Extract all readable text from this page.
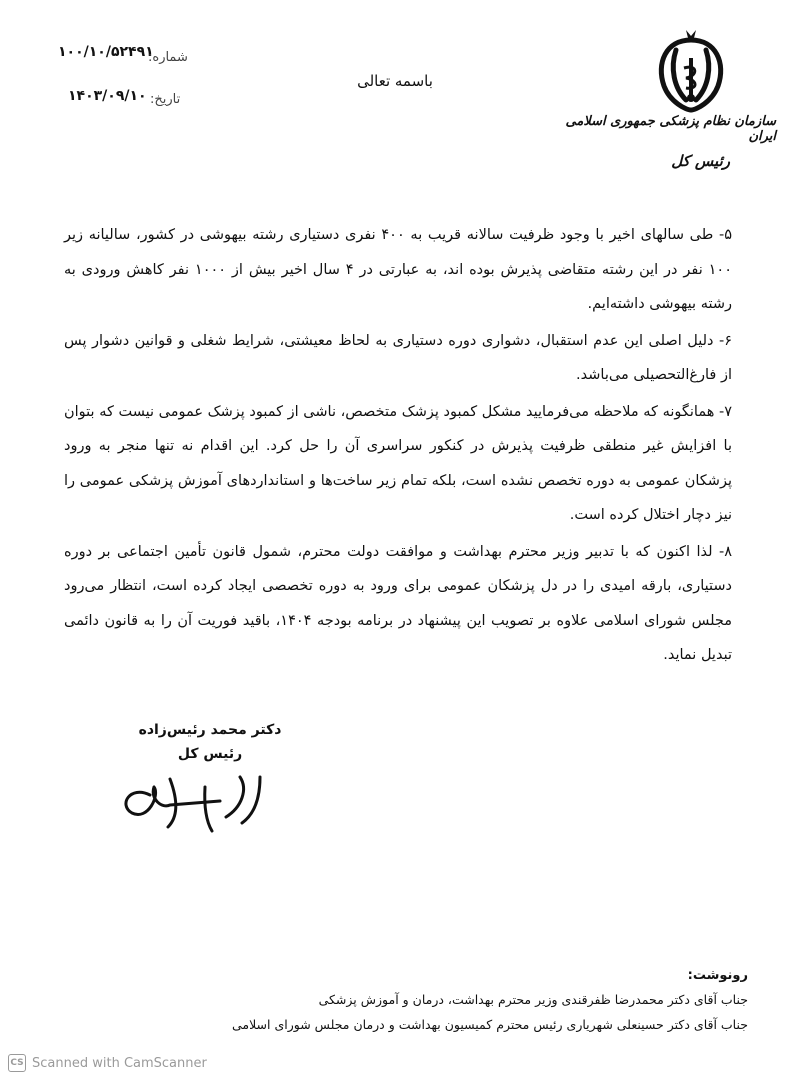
۱۰۰/۱۰/۵۲۴۹۱
شماره:
۱۴۰۳/۰۹/۱۰ تاریخ:
باسمه تعالی
سازمان نظام پزشکی جمهوری اسلامی ایران
رئیس کل

۵- طی سالهای اخیر با وجود ظرفیت سالانه قریب به ۴۰۰ نفری دستیاری رشته بیهوشی در کشور، سالیانه زیر ۱۰۰ نفر در این رشته متقاضی پذیرش بوده اند، به عبارتی در ۴ سال اخیر بیش از ۱۰۰۰ نفر کاهش ورودی به رشته بیهوشی داشته‌ایم.

۶- دلیل اصلی این عدم استقبال، دشواری دوره دستیاری به لحاظ معیشتی، شرایط شغلی و قوانین دشوار پس از فارغ‌التحصیلی می‌باشد.

۷- همانگونه که ملاحظه می‌فرمایید مشکل کمبود پزشک متخصص، ناشی از کمبود پزشک عمومی نیست که بتوان با افزایش غیر منطقی ظرفیت پذیرش در کنکور سراسری آن را حل کرد. این اقدام نه تنها منجر به ورود پزشکان عمومی به دوره تخصص نشده است، بلکه تمام زیر ساخت‌ها و استانداردهای آموزش پزشکی عمومی را نیز دچار اختلال کرده است.

۸- لذا اکنون که با تدبیر وزیر محترم بهداشت و موافقت دولت محترم، شمول قانون تأمین اجتماعی بر دوره دستیاری، بارقه امیدی را در دل پزشکان عمومی برای ورود به دوره تخصصی ایجاد کرده است، انتظار می‌رود مجلس شورای اسلامی علاوه بر تصویب این پیشنهاد در برنامه بودجه ۱۴۰۴، باقید فوریت آن را به قانون دائمی تبدیل نماید.

دکتر محمد رئیس‌زاده
رئیس کل
رونوشت:
جناب آقای دکتر محمدرضا ظفرقندی وزیر محترم بهداشت، درمان و آموزش پزشکی
جناب آقای دکتر حسینعلی شهریاری رئیس محترم کمیسیون بهداشت و درمان مجلس شورای اسلامی
CS Scanned with CamScanner
